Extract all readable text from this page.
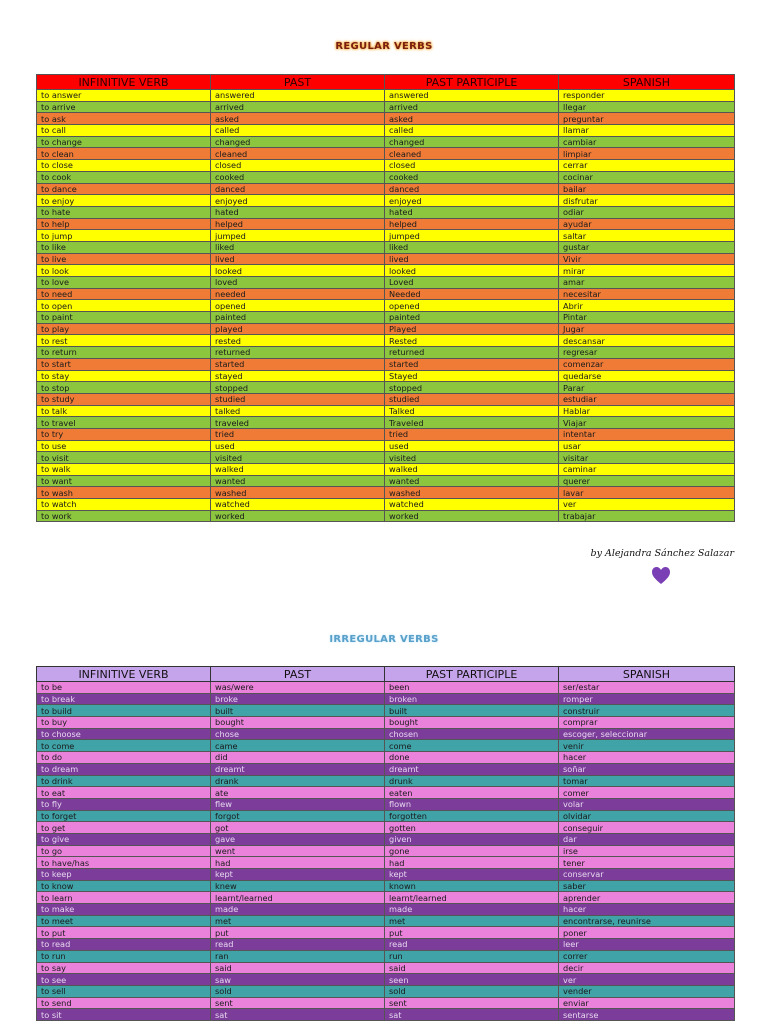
REGULAR VERBS
INFINITIVE VERB	PAST	PAST PARTICIPLE	SPANISH
to answer	answered	answered	responder
to arrive	arrived	arrived	llegar
to ask	asked	asked	preguntar
to call	called	called	llamar
to change	changed	changed	cambiar
to clean	cleaned	cleaned	limpiar
to close	closed	closed	cerrar
to cook	cooked	cooked	cocinar
to dance	danced	danced	bailar
to enjoy	enjoyed	enjoyed	disfrutar
to hate	hated	hated	odiar
to help	helped	helped	ayudar
to jump	jumped	jumped	saltar
to like	liked	liked	gustar
to live	lived	lived	Vivir
to look	looked	looked	mirar
to love	loved	Loved	amar
to need	needed	Needed	necesitar
to open	opened	opened	Abrir
to paint	painted	painted	Pintar
to play	played	Played	Jugar
to rest	rested	Rested	descansar
to return	returned	returned	regresar
to start	started	started	comenzar
to stay	stayed	Stayed	quedarse
to stop	stopped	stopped	Parar
to study	studied	studied	estudiar
to talk	talked	Talked	Hablar
to travel	traveled	Traveled	Viajar
to try	tried	tried	intentar
to use	used	used	usar
to visit	visited	visited	visitar
to walk	walked	walked	caminar
to want	wanted	wanted	querer
to wash	washed	washed	lavar
to watch	watched	watched	ver
to work	worked	worked	trabajar
by Alejandra Sánchez Salazar
IRREGULAR VERBS
INFINITIVE VERB	PAST	PAST PARTICIPLE	SPANISH
to be	was/were	been	ser/estar
to break	broke	broken	romper
to build	built	built	construir
to buy	bought	bought	comprar
to choose	chose	chosen	escoger, seleccionar
to come	came	come	venir
to do	did	done	hacer
to dream	dreamt	dreamt	soñar
to drink	drank	drunk	tomar
to eat	ate	eaten	comer
to fly	flew	flown	volar
to forget	forgot	forgotten	olvidar
to get	got	gotten	conseguir
to give	gave	given	dar
to go	went	gone	irse
to have/has	had	had	tener
to keep	kept	kept	conservar
to know	knew	known	saber
to learn	learnt/learned	learnt/learned	aprender
to make	made	made	hacer
to meet	met	met	encontrarse, reunirse
to put	put	put	poner
to read	read	read	leer
to run	ran	run	correr
to say	said	said	decir
to see	saw	seen	ver
to sell	sold	sold	vender
to send	sent	sent	enviar
to sit	sat	sat	sentarse
